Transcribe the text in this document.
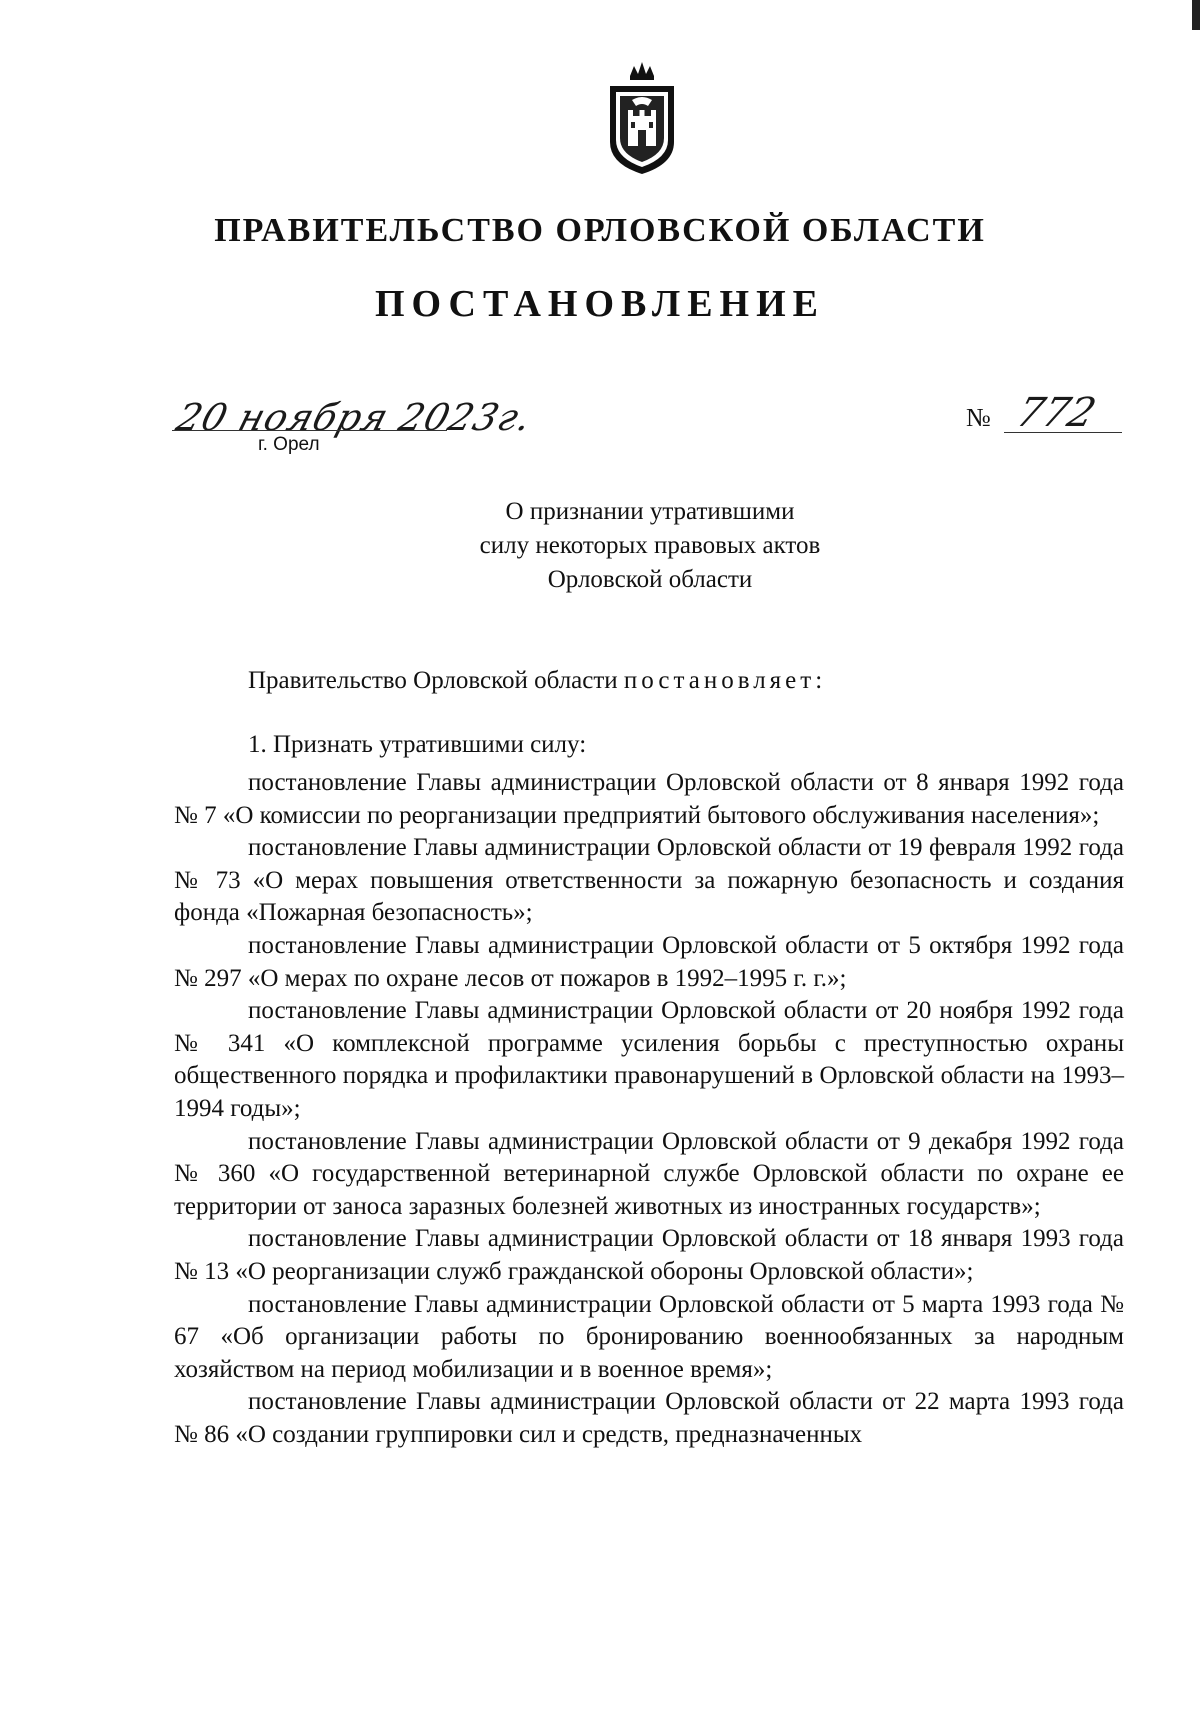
ПРАВИТЕЛЬСТВО ОРЛОВСКОЙ ОБЛАСТИ
ПОСТАНОВЛЕНИЕ
20 ноября 2023г.
г. Орел
№ 772
О признании утратившими
силу некоторых правовых актов
Орловской области
Правительство Орловской области постановляет:
1. Признать утратившими силу:

постановление Главы администрации Орловской области от 8 января 1992 года № 7 «О комиссии по реорганизации предприятий бытового обслуживания населения»;

постановление Главы администрации Орловской области от 19 февраля 1992 года № 73 «О мерах повышения ответственности за пожарную безопасность и создания фонда «Пожарная безопасность»;

постановление Главы администрации Орловской области от 5 октября 1992 года № 297 «О мерах по охране лесов от пожаров в 1992–1995 г. г.»;

постановление Главы администрации Орловской области от 20 ноября 1992 года № 341 «О комплексной программе усиления борьбы с преступностью охраны общественного порядка и профилактики правонарушений в Орловской области на 1993–1994 годы»;

постановление Главы администрации Орловской области от 9 декабря 1992 года № 360 «О государственной ветеринарной службе Орловской области по охране ее территории от заноса заразных болезней животных из иностранных государств»;

постановление Главы администрации Орловской области от 18 января 1993 года № 13 «О реорганизации служб гражданской обороны Орловской области»;

постановление Главы администрации Орловской области от 5 марта 1993 года № 67 «Об организации работы по бронированию военнообязанных за народным хозяйством на период мобилизации и в военное время»;

постановление Главы администрации Орловской области от 22 марта 1993 года № 86 «О создании группировки сил и средств, предназначенных
